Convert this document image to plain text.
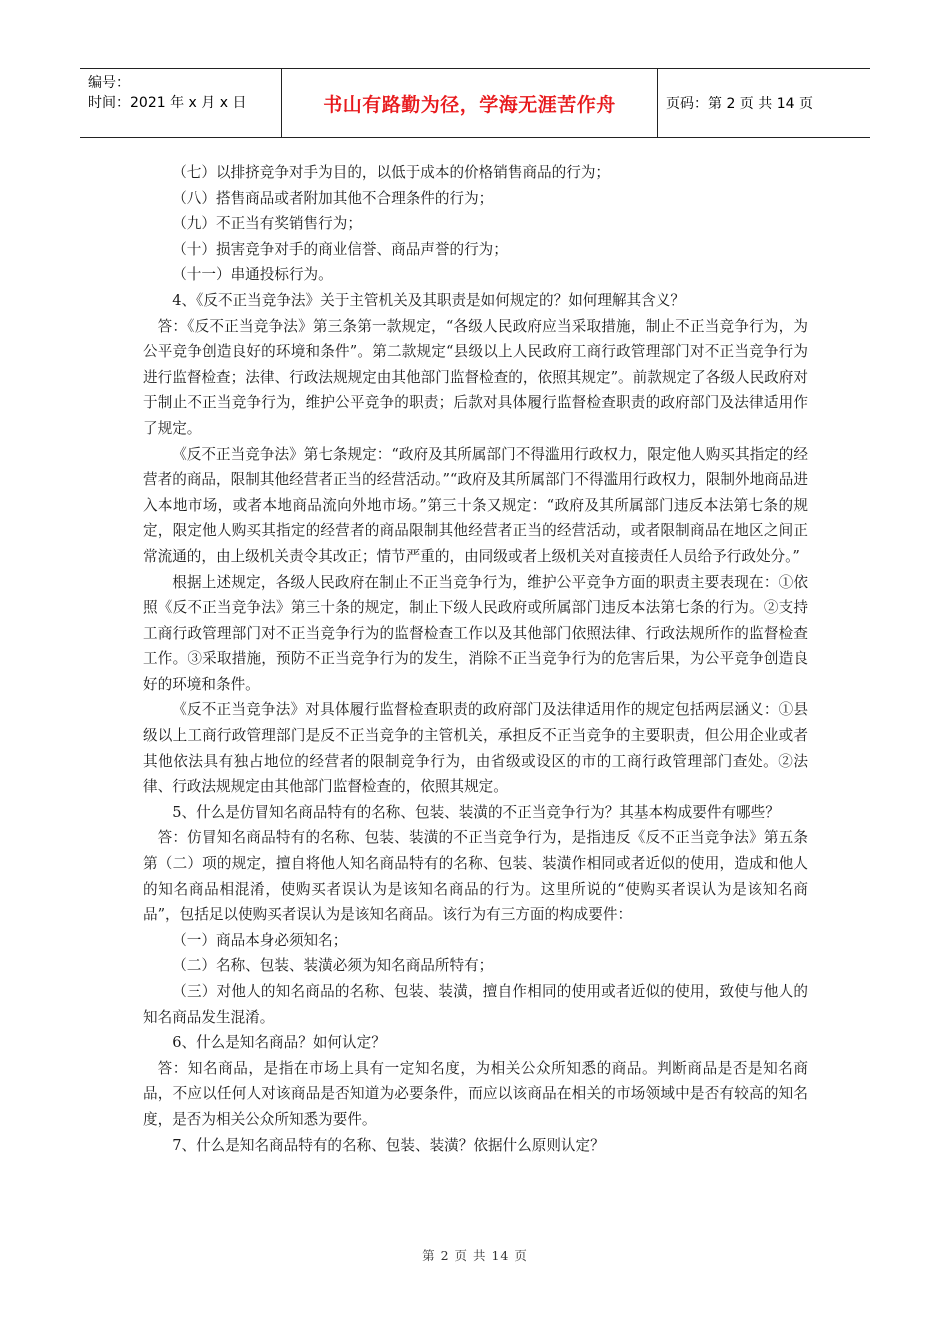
编号：
时间：2021 年 x 月 x 日	书山有路勤为径，学海无涯苦作舟	页码：第 2 页 共 14 页

（七）以排挤竞争对手为目的，以低于成本的价格销售商品的行为；

（八）搭售商品或者附加其他不合理条件的行为；

（九）不正当有奖销售行为；

（十）损害竞争对手的商业信誉、商品声誉的行为；

（十一）串通投标行为。

4、《反不正当竞争法》关于主管机关及其职责是如何规定的？如何理解其含义？

答：《反不正当竞争法》第三条第一款规定，“各级人民政府应当采取措施，制止不正当竞争行为，为公平竞争创造良好的环境和条件”。第二款规定“县级以上人民政府工商行政管理部门对不正当竞争行为进行监督检查；法律、行政法规规定由其他部门监督检查的，依照其规定”。前款规定了各级人民政府对于制止不正当竞争行为，维护公平竞争的职责；后款对具体履行监督检查职责的政府部门及法律适用作了规定。

《反不正当竞争法》第七条规定：“政府及其所属部门不得滥用行政权力，限定他人购买其指定的经营者的商品，限制其他经营者正当的经营活动。”“政府及其所属部门不得滥用行政权力，限制外地商品进入本地市场，或者本地商品流向外地市场。”第三十条又规定：“政府及其所属部门违反本法第七条的规定，限定他人购买其指定的经营者的商品限制其他经营者正当的经营活动，或者限制商品在地区之间正常流通的，由上级机关责令其改正；情节严重的，由同级或者上级机关对直接责任人员给予行政处分。”

根据上述规定，各级人民政府在制止不正当竞争行为，维护公平竞争方面的职责主要表现在：①依照《反不正当竞争法》第三十条的规定，制止下级人民政府或所属部门违反本法第七条的行为。②支持工商行政管理部门对不正当竞争行为的监督检查工作以及其他部门依照法律、行政法规所作的监督检查工作。③采取措施，预防不正当竞争行为的发生，消除不正当竞争行为的危害后果，为公平竞争创造良好的环境和条件。

《反不正当竞争法》对具体履行监督检查职责的政府部门及法律适用作的规定包括两层涵义：①县级以上工商行政管理部门是反不正当竞争的主管机关，承担反不正当竞争的主要职责，但公用企业或者其他依法具有独占地位的经营者的限制竞争行为，由省级或设区的市的工商行政管理部门查处。②法律、行政法规规定由其他部门监督检查的，依照其规定。

5、什么是仿冒知名商品特有的名称、包装、装潢的不正当竞争行为？其基本构成要件有哪些？

答：仿冒知名商品特有的名称、包装、装潢的不正当竞争行为，是指违反《反不正当竞争法》第五条第（二）项的规定，擅自将他人知名商品特有的名称、包装、装潢作相同或者近似的使用，造成和他人的知名商品相混淆，使购买者误认为是该知名商品的行为。这里所说的“使购买者误认为是该知名商品”，包括足以使购买者误认为是该知名商品。该行为有三方面的构成要件：

（一）商品本身必须知名；

（二）名称、包装、装潢必须为知名商品所特有；

（三）对他人的知名商品的名称、包装、装潢，擅自作相同的使用或者近似的使用，致使与他人的知名商品发生混淆。

6、什么是知名商品？如何认定？

答：知名商品，是指在市场上具有一定知名度，为相关公众所知悉的商品。判断商品是否是知名商品，不应以任何人对该商品是否知道为必要条件，而应以该商品在相关的市场领域中是否有较高的知名度，是否为相关公众所知悉为要件。

7、什么是知名商品特有的名称、包装、装潢？依据什么原则认定？

第 2 页 共 14 页
